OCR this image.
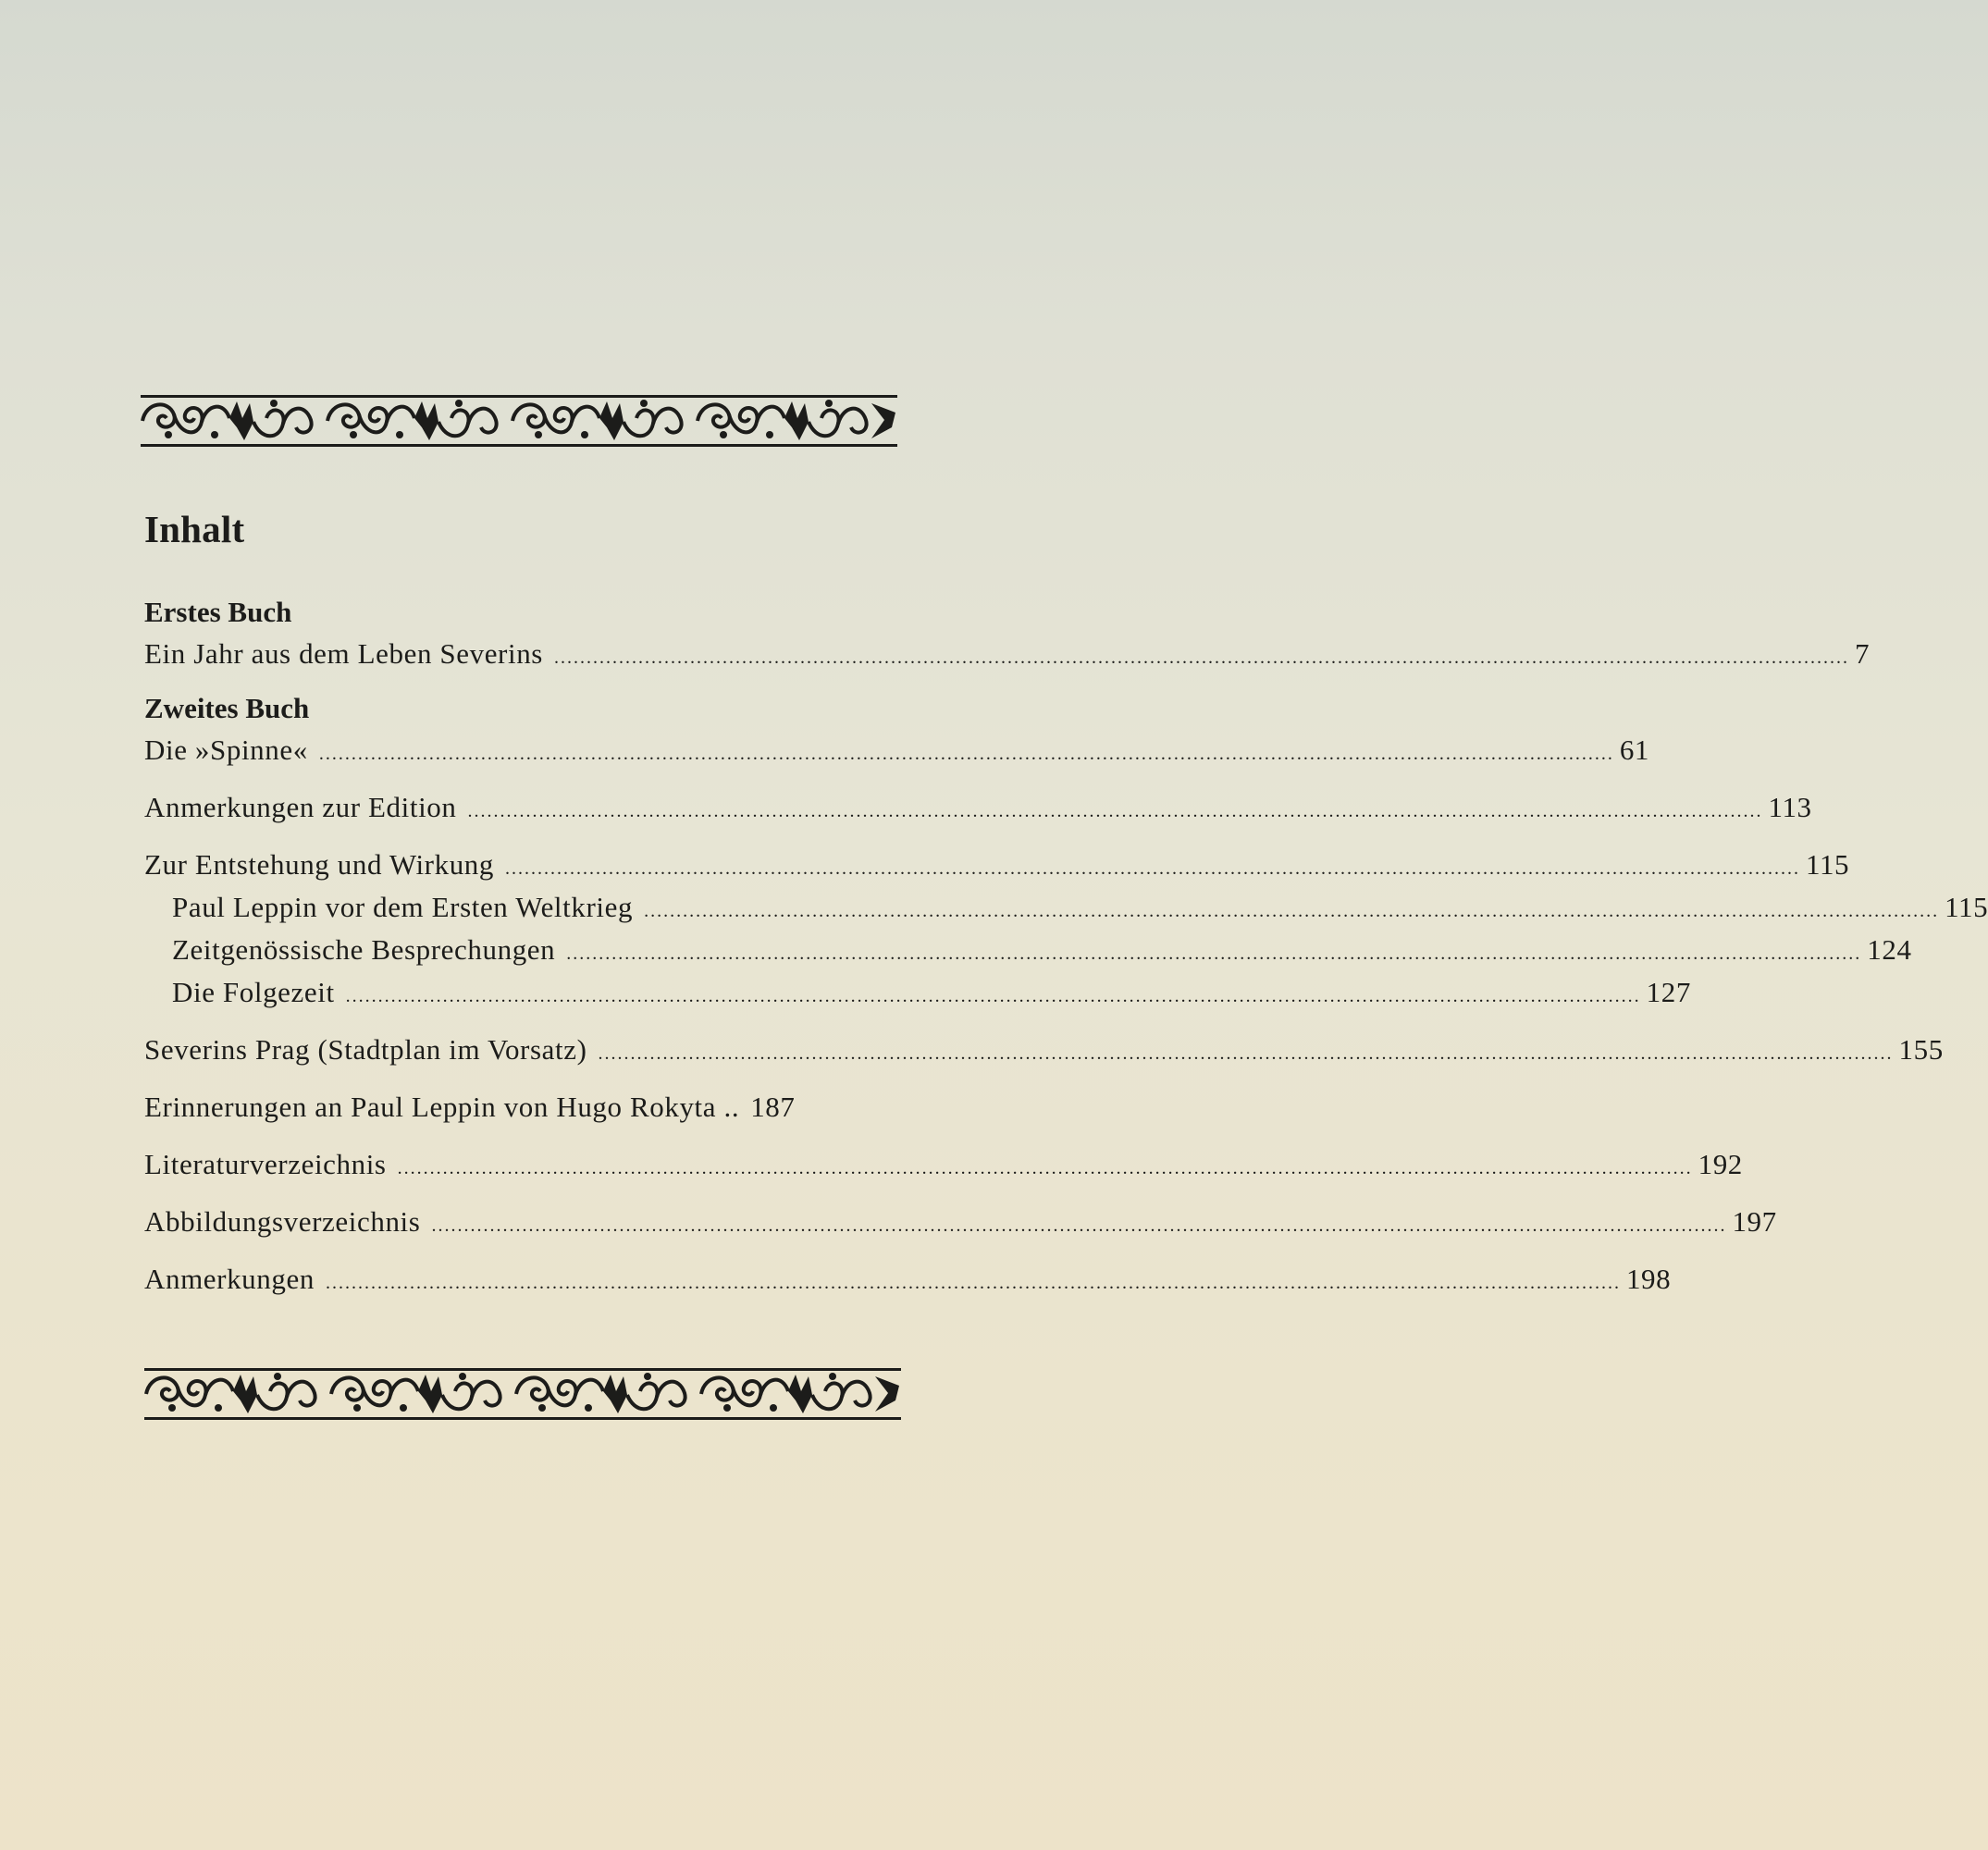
Inhalt
Erstes Buch
Ein Jahr aus dem Leben Severins ........................................................................................................................................................................................................ 7
Zweites Buch
Die »Spinne« ........................................................................................................................................................................................................ 61
Anmerkungen zur Edition ........................................................................................................................................................................................................ 113
Zur Entstehung und Wirkung ........................................................................................................................................................................................................ 115
Paul Leppin vor dem Ersten Weltkrieg ........................................................................................................................................................................................................ 115
Zeitgenössische Besprechungen ........................................................................................................................................................................................................ 124
Die Folgezeit ........................................................................................................................................................................................................ 127
Severins Prag (Stadtplan im Vorsatz) ........................................................................................................................................................................................................ 155
Erinnerungen an Paul Leppin von Hugo Rokyta .. 187
Literaturverzeichnis ........................................................................................................................................................................................................ 192
Abbildungsverzeichnis ........................................................................................................................................................................................................ 197
Anmerkungen ........................................................................................................................................................................................................ 198
